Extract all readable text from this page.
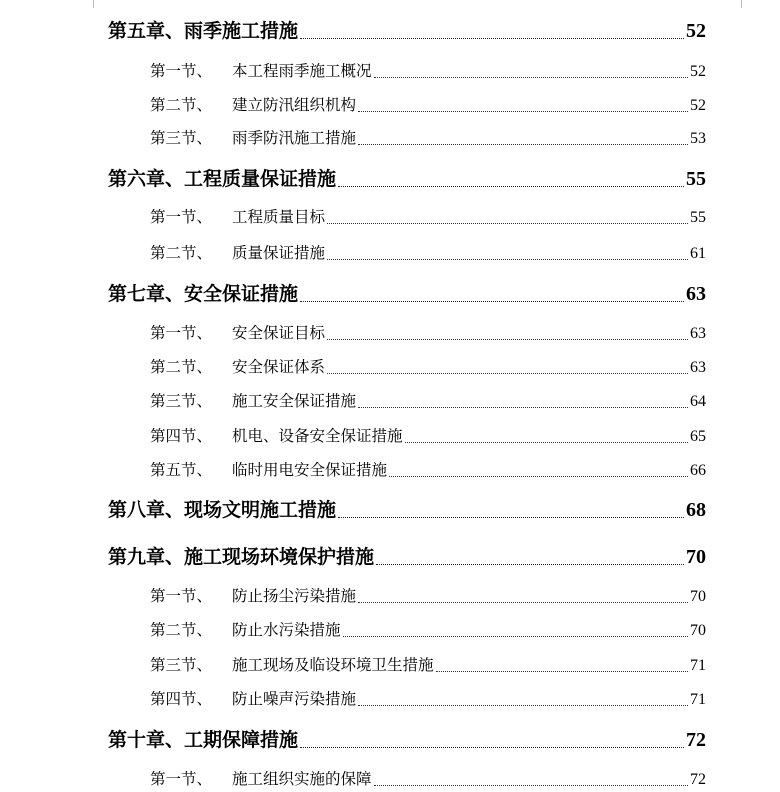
第五章、雨季施工措施	52
第一节、 本工程雨季施工概况	52
第二节、 建立防汛组织机构	52
第三节、 雨季防汛施工措施	53
第六章、工程质量保证措施	55
第一节、 工程质量目标	55
第二节、 质量保证措施	61
第七章、安全保证措施	63
第一节、 安全保证目标	63
第二节、 安全保证体系	63
第三节、 施工安全保证措施	64
第四节、 机电、设备安全保证措施	65
第五节、 临时用电安全保证措施	66
第八章、现场文明施工措施	68
第九章、施工现场环境保护措施	70
第一节、 防止扬尘污染措施	70
第二节、 防止水污染措施	70
第三节、 施工现场及临设环境卫生措施	71
第四节、 防止噪声污染措施	71
第十章、工期保障措施	72
第一节、 施工组织实施的保障	72
